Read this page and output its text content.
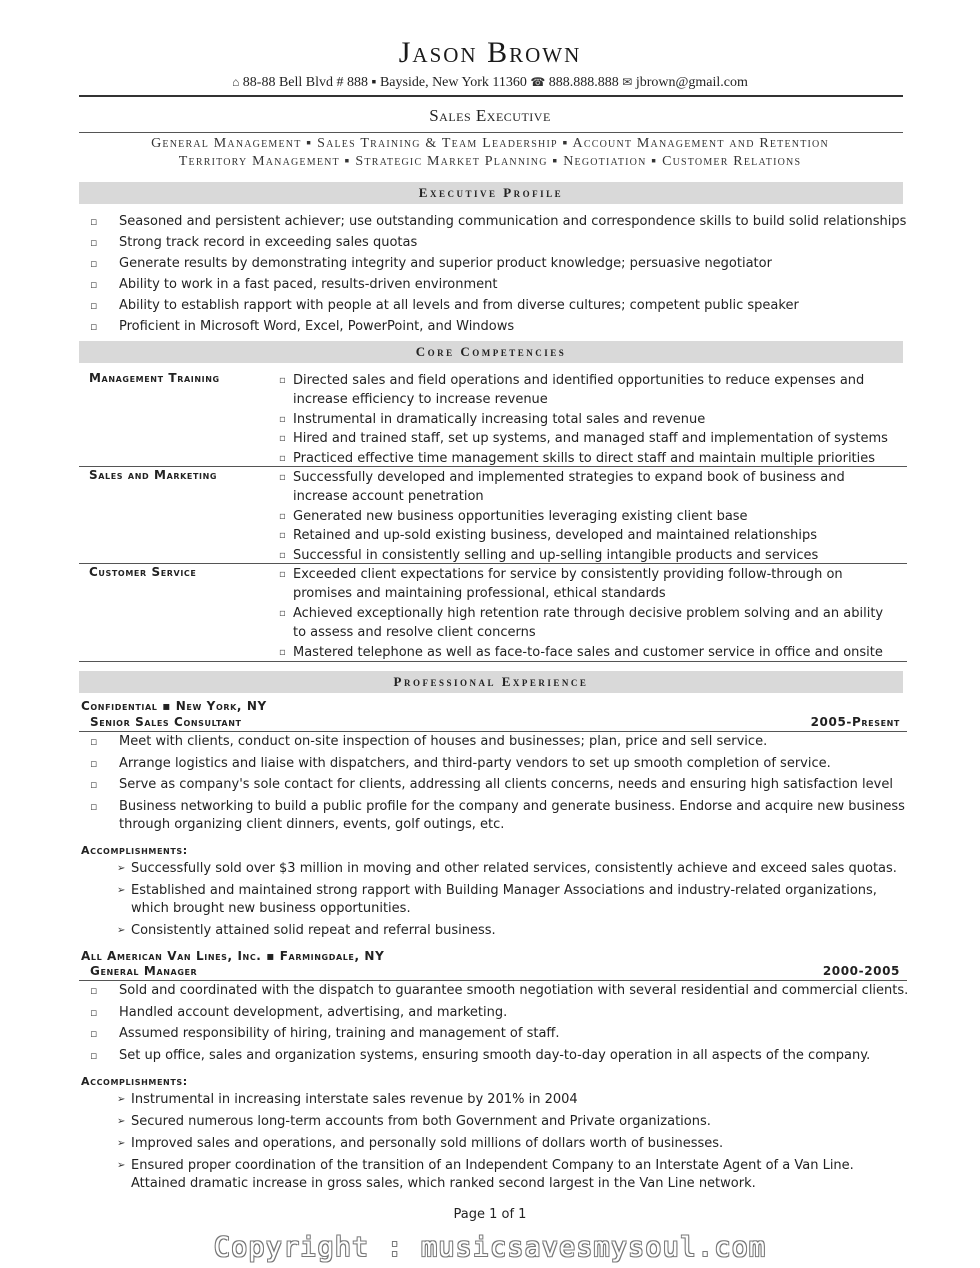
Jason Brown
⌂ 88-88 Bell Blvd # 888 ▪ Bayside, New York 11360 ☎ 888.888.888 ✉ jbrown@gmail.com
Sales Executive
General Management ▪ Sales Training & Team Leadership ▪ Account Management and Retention
Territory Management ▪ Strategic Market Planning ▪ Negotiation ▪ Customer Relations
Executive Profile
▫ Seasoned and persistent achiever; use outstanding communication and correspondence skills to build solid relationships
▫ Strong track record in exceeding sales quotas
▫ Generate results by demonstrating integrity and superior product knowledge; persuasive negotiator
▫ Ability to work in a fast paced, results-driven environment
▫ Ability to establish rapport with people at all levels and from diverse cultures; competent public speaker
▫ Proficient in Microsoft Word, Excel, PowerPoint, and Windows
Core Competencies
Management Training	▫ Directed sales and field operations and identified opportunities to reduce expenses and increase efficiency to increase revenue
▫ Instrumental in dramatically increasing total sales and revenue
▫ Hired and trained staff, set up systems, and managed staff and implementation of systems
▫ Practiced effective time management skills to direct staff and maintain multiple priorities
Sales and Marketing	▫ Successfully developed and implemented strategies to expand book of business and increase account penetration
▫ Generated new business opportunities leveraging existing client base
▫ Retained and up-sold existing business, developed and maintained relationships
▫ Successful in consistently selling and up-selling intangible products and services
Customer Service	▫ Exceeded client expectations for service by consistently providing follow-through on promises and maintaining professional, ethical standards
▫ Achieved exceptionally high retention rate through decisive problem solving and an ability to assess and resolve client concerns
▫ Mastered telephone as well as face-to-face sales and customer service in office and onsite
Professional Experience
Confidential ▪ New York, NY
Senior Sales Consultant	2005-Present
▫ Meet with clients, conduct on-site inspection of houses and businesses; plan, price and sell service.
▫ Arrange logistics and liaise with dispatchers, and third-party vendors to set up smooth completion of service.
▫ Serve as company's sole contact for clients, addressing all clients concerns, needs and ensuring high satisfaction level
▫ Business networking to build a public profile for the company and generate business. Endorse and acquire new business through organizing client dinners, events, golf outings, etc.
Accomplishments:
➢ Successfully sold over $3 million in moving and other related services, consistently achieve and exceed sales quotas.
➢ Established and maintained strong rapport with Building Manager Associations and industry-related organizations, which brought new business opportunities.
➢ Consistently attained solid repeat and referral business.
All American Van Lines, Inc. ▪ Farmingdale, NY
General Manager	2000-2005
▫ Sold and coordinated with the dispatch to guarantee smooth negotiation with several residential and commercial clients.
▫ Handled account development, advertising, and marketing.
▫ Assumed responsibility of hiring, training and management of staff.
▫ Set up office, sales and organization systems, ensuring smooth day-to-day operation in all aspects of the company.
Accomplishments:
➢ Instrumental in increasing interstate sales revenue by 201% in 2004
➢ Secured numerous long-term accounts from both Government and Private organizations.
➢ Improved sales and operations, and personally sold millions of dollars worth of businesses.
➢ Ensured proper coordination of the transition of an Independent Company to an Interstate Agent of a Van Line. Attained dramatic increase in gross sales, which ranked second largest in the Van Line network.
Page 1 of 1
Copyright : musicsavesmysoul.com
